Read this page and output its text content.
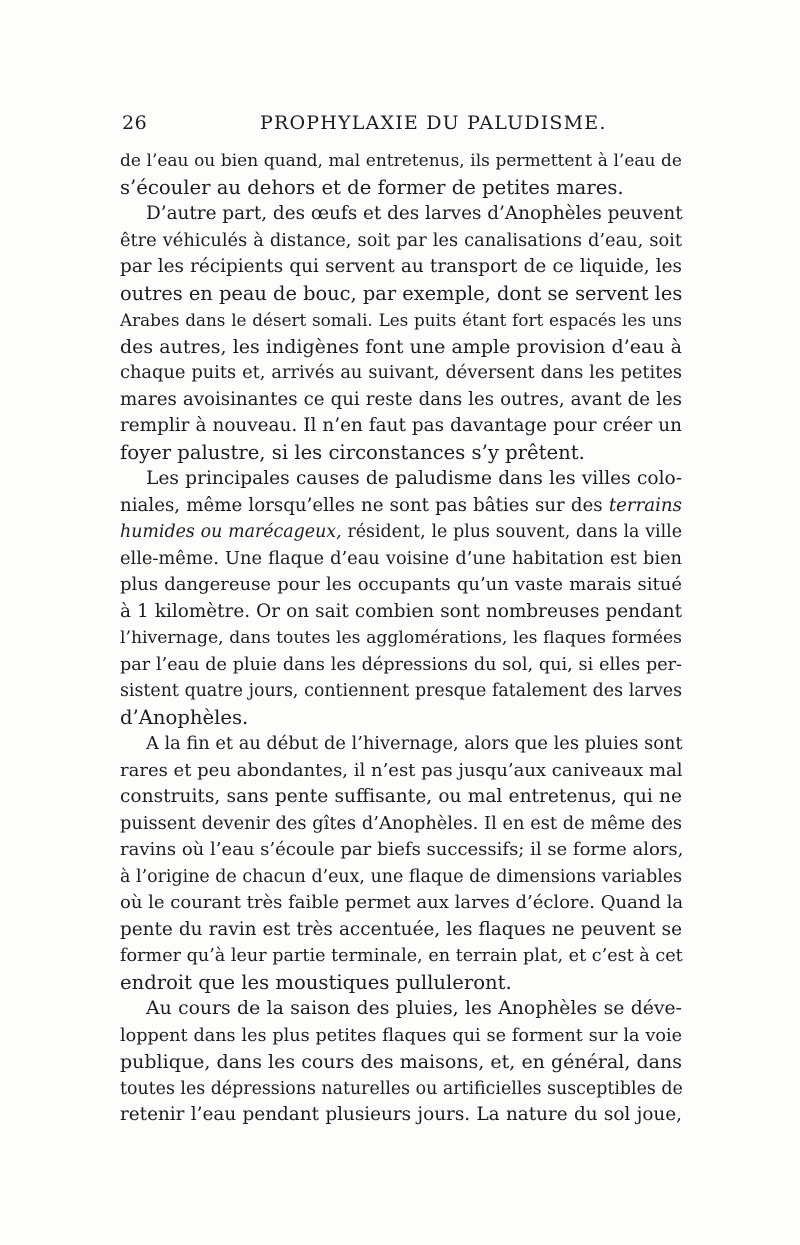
26	PROPHYLAXIE DU PALUDISME.
de l’eau ou bien quand, mal entretenus, ils permettent à l’eau de
s’écouler au dehors et de former de petites mares.
D’autre part, des œufs et des larves d’Anophèles peuvent
être véhiculés à distance, soit par les canalisations d’eau, soit
par les récipients qui servent au transport de ce liquide, les
outres en peau de bouc, par exemple, dont se servent les
Arabes dans le désert somali. Les puits étant fort espacés les uns
des autres, les indigènes font une ample provision d’eau à
chaque puits et, arrivés au suivant, déversent dans les petites
mares avoisinantes ce qui reste dans les outres, avant de les
remplir à nouveau. Il n’en faut pas davantage pour créer un
foyer palustre, si les circonstances s’y prêtent.
Les principales causes de paludisme dans les villes colo-
niales, même lorsqu’elles ne sont pas bâties sur des terrains
humides ou marécageux, résident, le plus souvent, dans la ville
elle-même. Une flaque d’eau voisine d’une habitation est bien
plus dangereuse pour les occupants qu’un vaste marais situé
à 1 kilomètre. Or on sait combien sont nombreuses pendant
l’hivernage, dans toutes les agglomérations, les flaques formées
par l’eau de pluie dans les dépressions du sol, qui, si elles per-
sistent quatre jours, contiennent presque fatalement des larves
d’Anophèles.
A la fin et au début de l’hivernage, alors que les pluies sont
rares et peu abondantes, il n’est pas jusqu’aux caniveaux mal
construits, sans pente suffisante, ou mal entretenus, qui ne
puissent devenir des gîtes d’Anophèles. Il en est de même des
ravins où l’eau s’écoule par biefs successifs; il se forme alors,
à l’origine de chacun d’eux, une flaque de dimensions variables
où le courant très faible permet aux larves d’éclore. Quand la
pente du ravin est très accentuée, les flaques ne peuvent se
former qu’à leur partie terminale, en terrain plat, et c’est à cet
endroit que les moustiques pulluleront.
Au cours de la saison des pluies, les Anophèles se déve-
loppent dans les plus petites flaques qui se forment sur la voie
publique, dans les cours des maisons, et, en général, dans
toutes les dépressions naturelles ou artificielles susceptibles de
retenir l’eau pendant plusieurs jours. La nature du sol joue,
